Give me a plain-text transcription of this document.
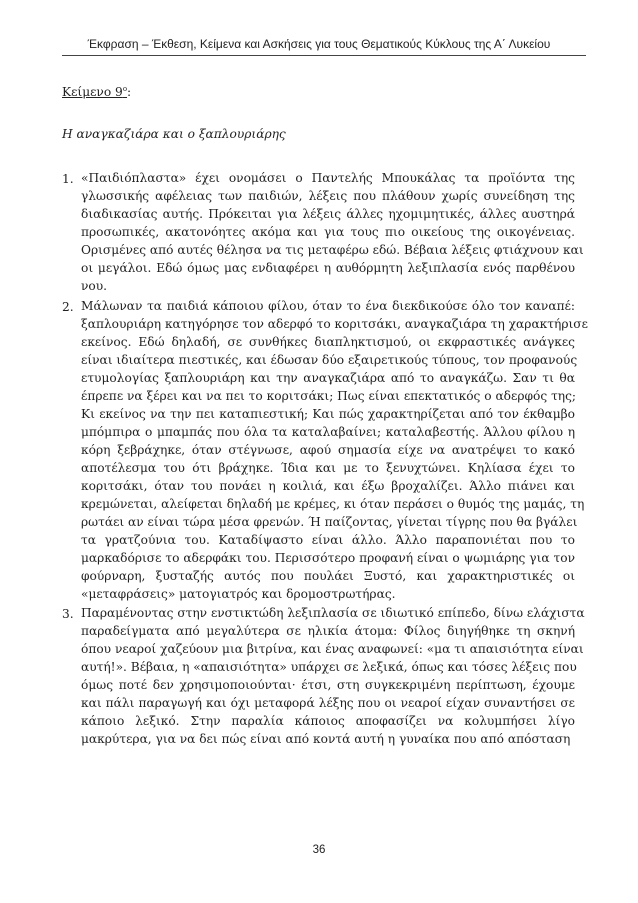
Έκφραση – Έκθεση, Κείμενα και Ασκήσεις για τους Θεματικούς Κύκλους της Α΄ Λυκείου
Κείμενο $9^o$:
Η αναγκαζιάρα και ο ξαπλουριάρης
1. «Παιδιόπλαστα» έχει ονομάσει ο Παντελής Μπουκάλας τα προϊόντα της
γλωσσικής αφέλειας των παιδιών, λέξεις που πλάθουν χωρίς συνείδηση της
διαδικασίας αυτής. Πρόκειται για λέξεις άλλες ηχομιμητικές, άλλες αυστηρά
προσωπικές, ακατονόητες ακόμα και για τους πιο οικείους της οικογένειας.
Ορισμένες από αυτές θέλησα να τις μεταφέρω εδώ. Βέβαια λέξεις φτιάχνουν και
οι μεγάλοι. Εδώ όμως μας ενδιαφέρει η αυθόρμητη λεξιπλασία ενός παρθένου
νου.
2. Μάλωναν τα παιδιά κάποιου φίλου, όταν το ένα διεκδικούσε όλο τον καναπέ:
ξαπλουριάρη κατηγόρησε τον αδερφό το κοριτσάκι, αναγκαζιάρα τη χαρακτήρισε
εκείνος. Εδώ δηλαδή, σε συνθήκες διαπληκτισμού, οι εκφραστικές ανάγκες
είναι ιδιαίτερα πιεστικές, και έδωσαν δύο εξαιρετικούς τύπους, τον προφανούς
ετυμολογίας ξαπλουριάρη και την αναγκαζιάρα από το αναγκάζω. Σαν τι θα
έπρεπε να ξέρει και να πει το κοριτσάκι; Πως είναι επεκτατικός ο αδερφός της;
Κι εκείνος να την πει καταπιεστική; Και πώς χαρακτηρίζεται από τον έκθαμβο
μπόμπιρα ο μπαμπάς που όλα τα καταλαβαίνει; καταλαβεστής. Άλλου φίλου η
κόρη ξεβράχηκε, όταν στέγνωσε, αφού σημασία είχε να ανατρέψει το κακό
αποτέλεσμα του ότι βράχηκε. Ίδια και με το ξενυχτώνει. Κηλίασα έχει το
κοριτσάκι, όταν του πονάει η κοιλιά, και έξω βροχαλίζει. Άλλο πιάνει και
κρεμώνεται, αλείφεται δηλαδή με κρέμες, κι όταν περάσει ο θυμός της μαμάς, τη
ρωτάει αν είναι τώρα μέσα φρενών. Ή παίζοντας, γίνεται τίγρης που θα βγάλει
τα γρατζούνια του. Καταδίψαστο είναι άλλο. Άλλο παραπονιέται που το
μαρκαδόρισε το αδερφάκι του. Περισσότερο προφανή είναι ο ψωμιάρης για τον
φούρναρη, ξυσταζής αυτός που πουλάει Ξυστό, και χαρακτηριστικές οι
«μεταφράσεις» ματογιατρός και δρομοστρωτήρας.
3. Παραμένοντας στην ενστικτώδη λεξιπλασία σε ιδιωτικό επίπεδο, δίνω ελάχιστα
παραδείγματα από μεγαλύτερα σε ηλικία άτομα: Φίλος διηγήθηκε τη σκηνή
όπου νεαροί χαζεύουν μια βιτρίνα, και ένας αναφωνεί: «μα τι απαισιότητα είναι
αυτή!». Βέβαια, η «απαισιότητα» υπάρχει σε λεξικά, όπως και τόσες λέξεις που
όμως ποτέ δεν χρησιμοποιούνται· έτσι, στη συγκεκριμένη περίπτωση, έχουμε
και πάλι παραγωγή και όχι μεταφορά λέξης που οι νεαροί είχαν συναντήσει σε
κάποιο λεξικό. Στην παραλία κάποιος αποφασίζει να κολυμπήσει λίγο
μακρύτερα, για να δει πώς είναι από κοντά αυτή η γυναίκα που από απόσταση
36
